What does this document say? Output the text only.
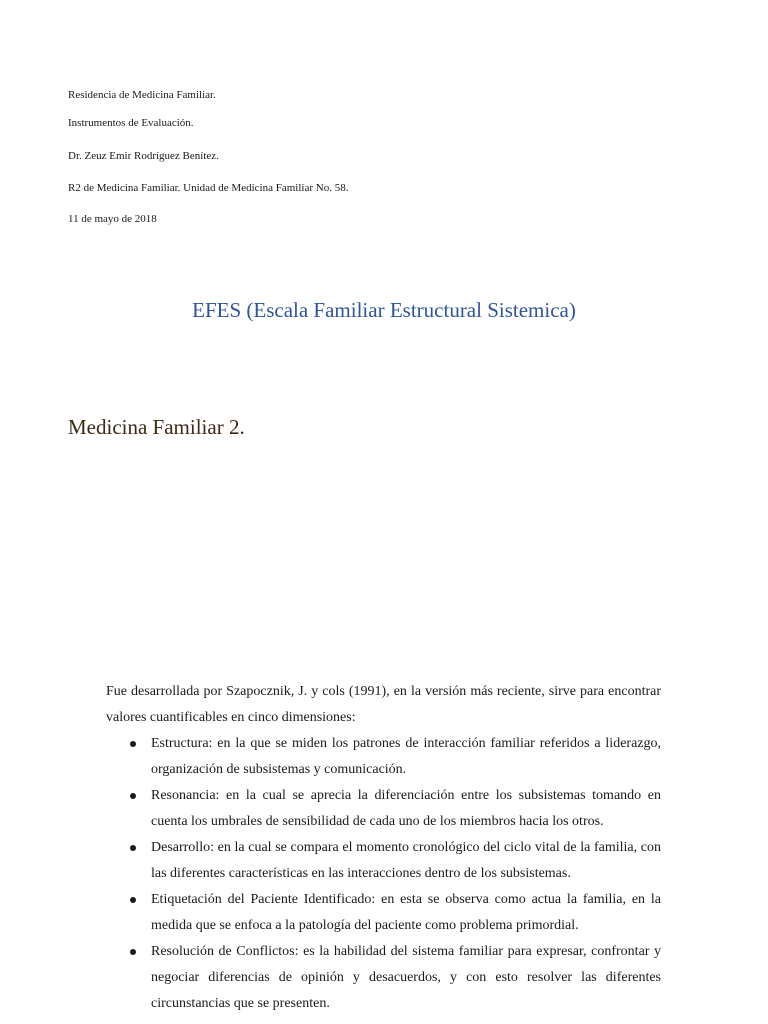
Residencia de Medicina Familiar.
Instrumentos de Evaluación.
Dr. Zeuz Emir Rodríguez Benítez.
R2 de Medicina Familiar. Unidad de Medicina Familiar No. 58.
11 de mayo de 2018
EFES (Escala Familiar Estructural Sistemica)
Medicina Familiar 2.

Fue desarrollada por Szapocznik, J. y cols (1991), en la versión más reciente, sirve para encontrar valores cuantificables en cinco dimensiones:

Estructura: en la que se miden los patrones de interacción familiar referidos a liderazgo, organización de subsistemas y comunicación.
Resonancia: en la cual se aprecia la diferenciación entre los subsistemas tomando en cuenta los umbrales de sensibilidad de cada uno de los miembros hacia los otros.
Desarrollo: en la cual se compara el momento cronológico del ciclo vital de la familia, con las diferentes características en las interacciones dentro de los subsistemas.
Etiquetación del Paciente Identificado: en esta se observa como actua la familia, en la medida que se enfoca a la patología del paciente como problema primordial.
Resolución de Conflictos: es la habilidad del sistema familiar para expresar, confrontar y negociar diferencias de opinión y desacuerdos, y con esto resolver las diferentes circunstancias que se presenten.
